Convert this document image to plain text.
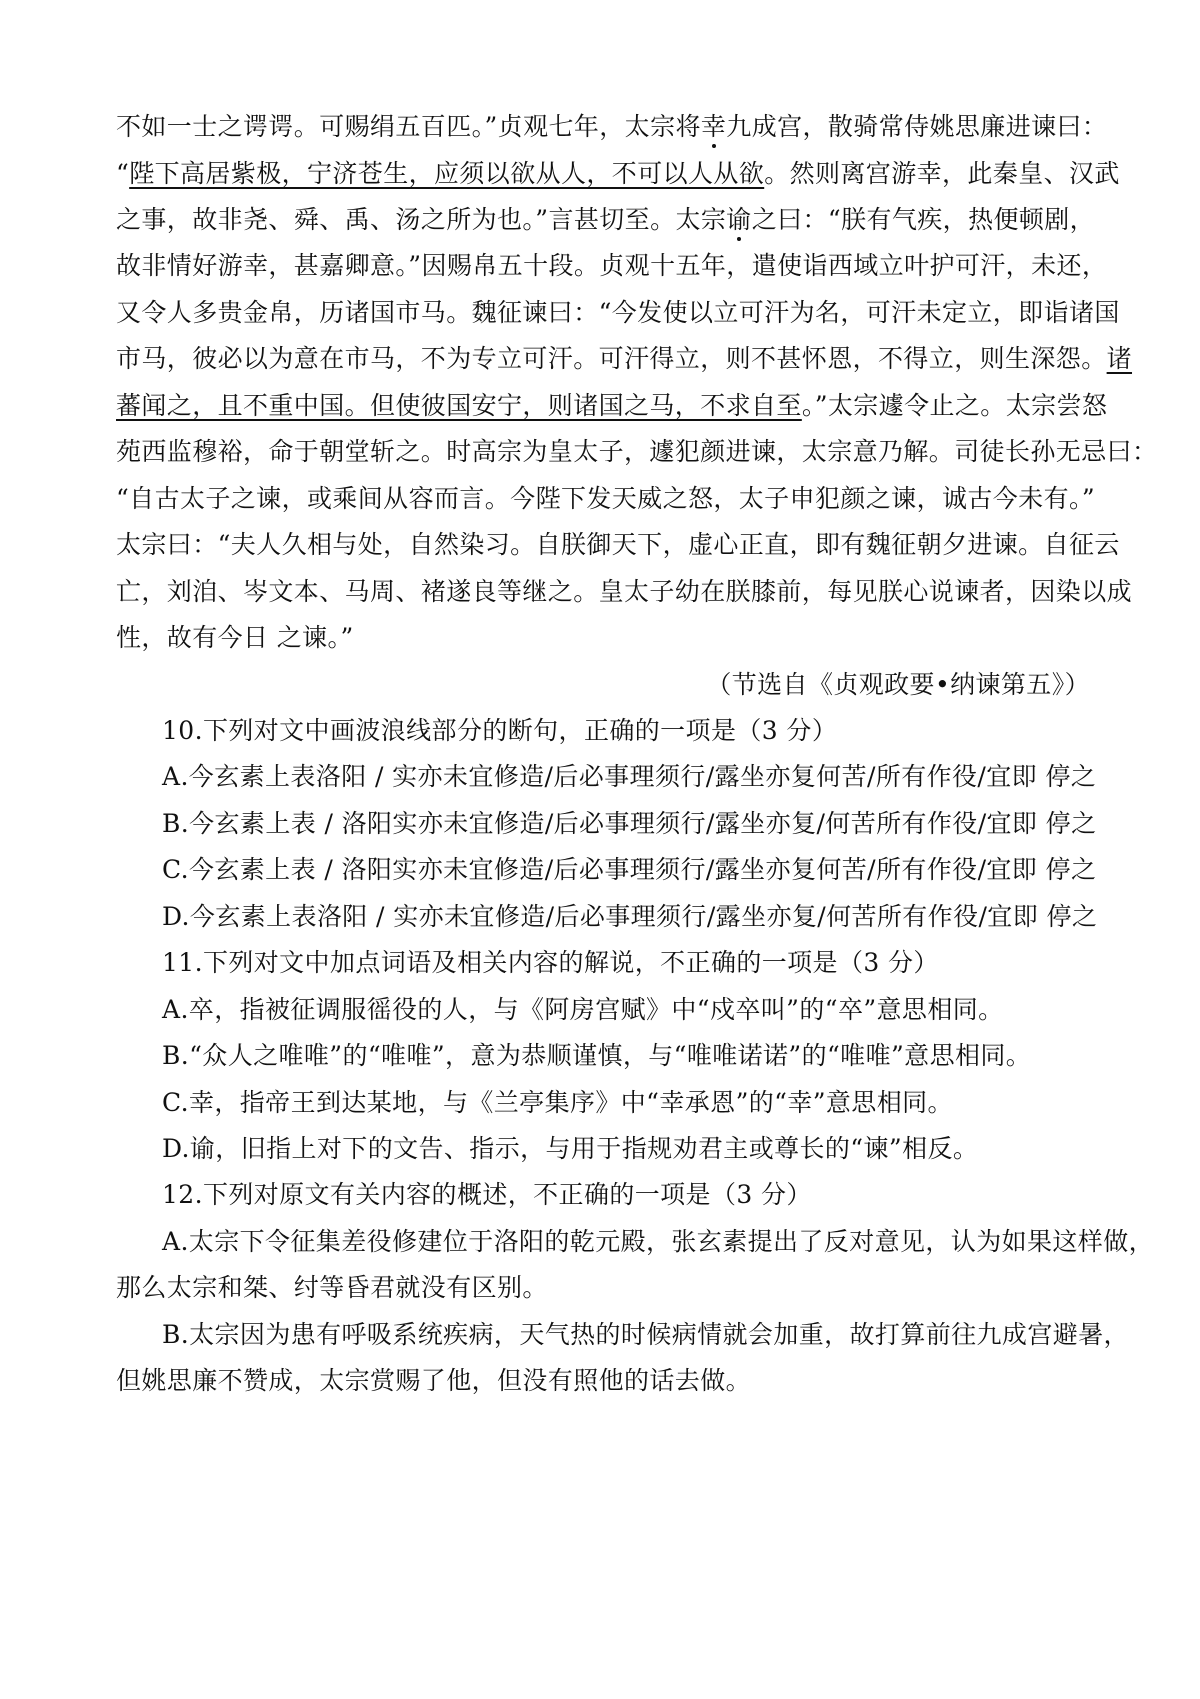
不如一士之谔谔。可赐绢五百匹。”贞观七年，太宗将幸九成宫，散骑常侍姚思廉进谏曰：
“陛下高居紫极，宁济苍生，应须以欲从人，不可以人从欲。然则离宫游幸，此秦皇、汉武
之事，故非尧、舜、禹、汤之所为也。”言甚切至。太宗谕之曰：“朕有气疾，热便顿剧，
故非情好游幸，甚嘉卿意。”因赐帛五十段。贞观十五年，遣使诣西域立叶护可汗，未还，
又令人多贵金帛，历诸国市马。魏征谏曰：“今发使以立可汗为名，可汗未定立，即诣诸国
市马，彼必以为意在市马，不为专立可汗。可汗得立，则不甚怀恩，不得立，则生深怨。诸
蕃闻之，且不重中国。但使彼国安宁，则诸国之马，不求自至。”太宗遽令止之。太宗尝怒
苑西监穆裕，命于朝堂斩之。时高宗为皇太子，遽犯颜进谏，太宗意乃解。司徒长孙无忌曰：
“自古太子之谏，或乘间从容而言。今陛下发天威之怒，太子申犯颜之谏，诚古今未有。”
太宗曰：“夫人久相与处，自然染习。自朕御天下，虚心正直，即有魏征朝夕进谏。自征云
亡，刘洎、岑文本、马周、褚遂良等继之。皇太子幼在朕膝前，每见朕心说谏者，因染以成
性，故有今日 之谏。”
（节选自《贞观政要•纳谏第五》）
10.下列对文中画波浪线部分的断句，正确的一项是（3 分）
A.今玄素上表洛阳 / 实亦未宜修造/后必事理须行/露坐亦复何苦/所有作役/宜即 停之
B.今玄素上表 / 洛阳实亦未宜修造/后必事理须行/露坐亦复/何苦所有作役/宜即 停之
C.今玄素上表 / 洛阳实亦未宜修造/后必事理须行/露坐亦复何苦/所有作役/宜即 停之
D.今玄素上表洛阳 / 实亦未宜修造/后必事理须行/露坐亦复/何苦所有作役/宜即 停之
11.下列对文中加点词语及相关内容的解说，不正确的一项是（3 分）
A.卒，指被征调服徭役的人，与《阿房宫赋》中“戍卒叫”的“卒”意思相同。
B.“众人之唯唯”的“唯唯”，意为恭顺谨慎，与“唯唯诺诺”的“唯唯”意思相同。
C.幸，指帝王到达某地，与《兰亭集序》中“幸承恩”的“幸”意思相同。
D.谕，旧指上对下的文告、指示，与用于指规劝君主或尊长的“谏”相反。
12.下列对原文有关内容的概述，不正确的一项是（3 分）
A.太宗下令征集差役修建位于洛阳的乾元殿，张玄素提出了反对意见，认为如果这样做，
那么太宗和桀、纣等昏君就没有区别。
B.太宗因为患有呼吸系统疾病，天气热的时候病情就会加重，故打算前往九成宫避暑，
但姚思廉不赞成，太宗赏赐了他，但没有照他的话去做。
